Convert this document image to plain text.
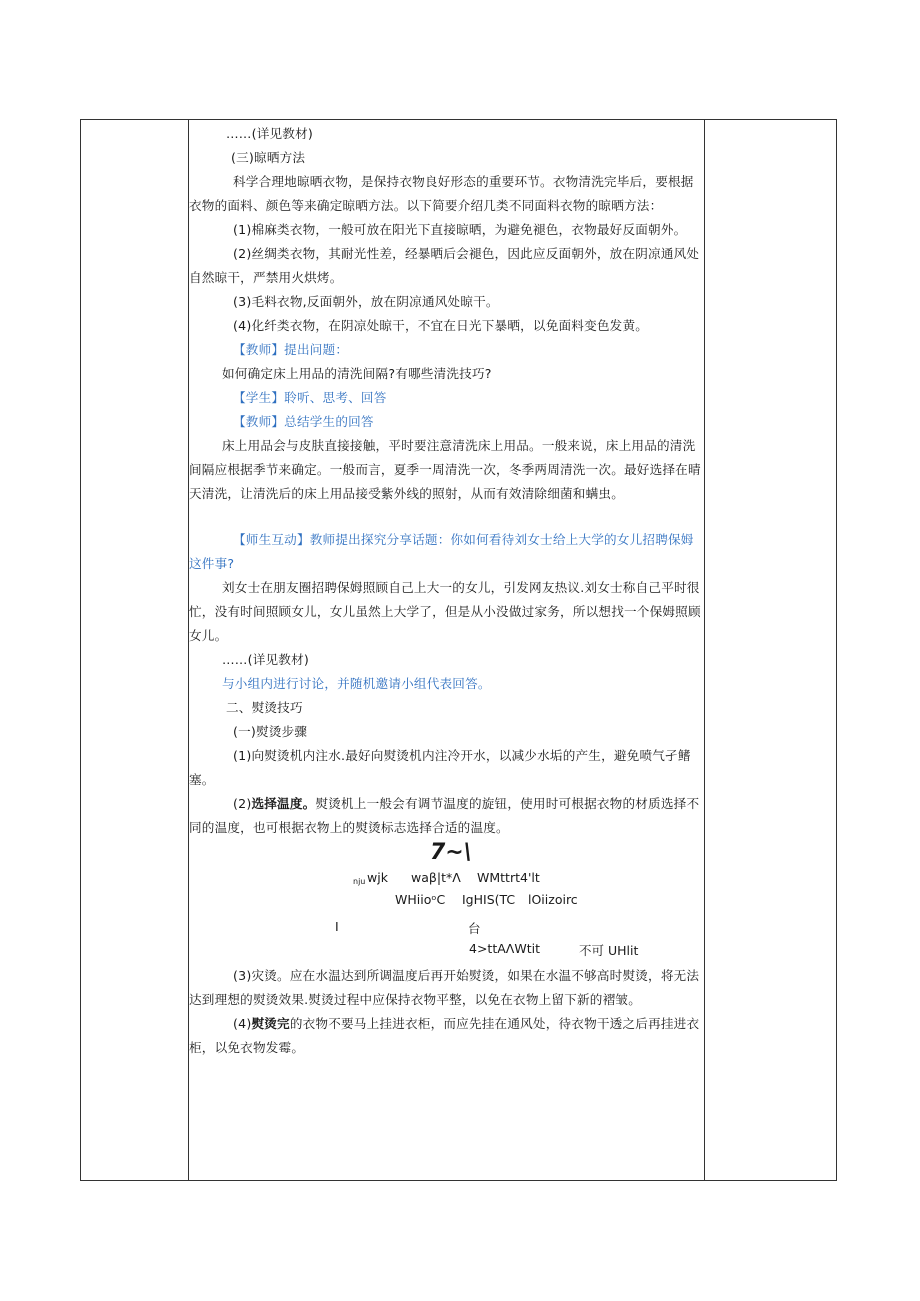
……(详见教材)

(三)晾晒方法

科学合理地晾晒衣物，是保持衣物良好形态的重要环节。衣物清洗完毕后，要根据衣物的面料、颜色等来确定晾晒方法。以下简要介绍几类不同面料衣物的晾晒方法：

(1)棉麻类衣物，一般可放在阳光下直接晾晒，为避免褪色，衣物最好反面朝外。

(2)丝绸类衣物，其耐光性差，经暴晒后会褪色，因此应反面朝外，放在阴凉通风处自然晾干，严禁用火烘烤。

(3)毛料衣物,反面朝外，放在阴凉通风处晾干。

(4)化纤类衣物，在阴凉处晾干，不宜在日光下暴晒，以免面料变色发黄。

【教师】提出问题：

如何确定床上用品的清洗间隔?有哪些清洗技巧?

【学生】聆听、思考、回答

【教师】总结学生的回答

床上用品会与皮肤直接接触，平时要注意清洗床上用品。一般来说，床上用品的清洗间隔应根据季节来确定。一般而言，夏季一周清洗一次，冬季两周清洗一次。最好选择在晴天清洗，让清洗后的床上用品接受紫外线的照射，从而有效清除细菌和螨虫。

【师生互动】教师提出探究分享话题：你如何看待刘女士给上大学的女儿招聘保姆这件事?

刘女士在朋友圈招聘保姆照顾自己上大一的女儿，引发网友热议.刘女士称自己平时很忙，没有时间照顾女儿，女儿虽然上大学了，但是从小没做过家务，所以想找一个保姆照顾女儿。

……(详见教材)

与小组内进行讨论，并随机邀请小组代表回答。

二、熨烫技巧

(一)熨烫步骤

(1)向熨烫机内注水.最好向熨烫机内注冷开水，以减少水垢的产生，避免喷气孑鳍塞。

(2)选择温度。熨烫机上一般会有调节温度的旋钮，使用时可根据衣物的材质选择不同的温度，也可根据衣物上的熨烫标志选择合适的温度。

7~\
nju wjk waβ|t*Λ WMttrt4'lt
WHiioᵒC IgHIS(TC lOiizoirc
I	台
4>ttAΛWtit	不可 UHlit

(3)灾烫。应在水温达到所调温度后再开始熨烫，如果在水温不够高时熨烫，将无法达到理想的熨烫效果.熨烫过程中应保持衣物平整，以免在衣物上留下新的褶皱。

(4)熨烫完的衣物不要马上挂进衣柜，而应先挂在通风处，待衣物干透之后再挂进衣柜，以免衣物发霉。
